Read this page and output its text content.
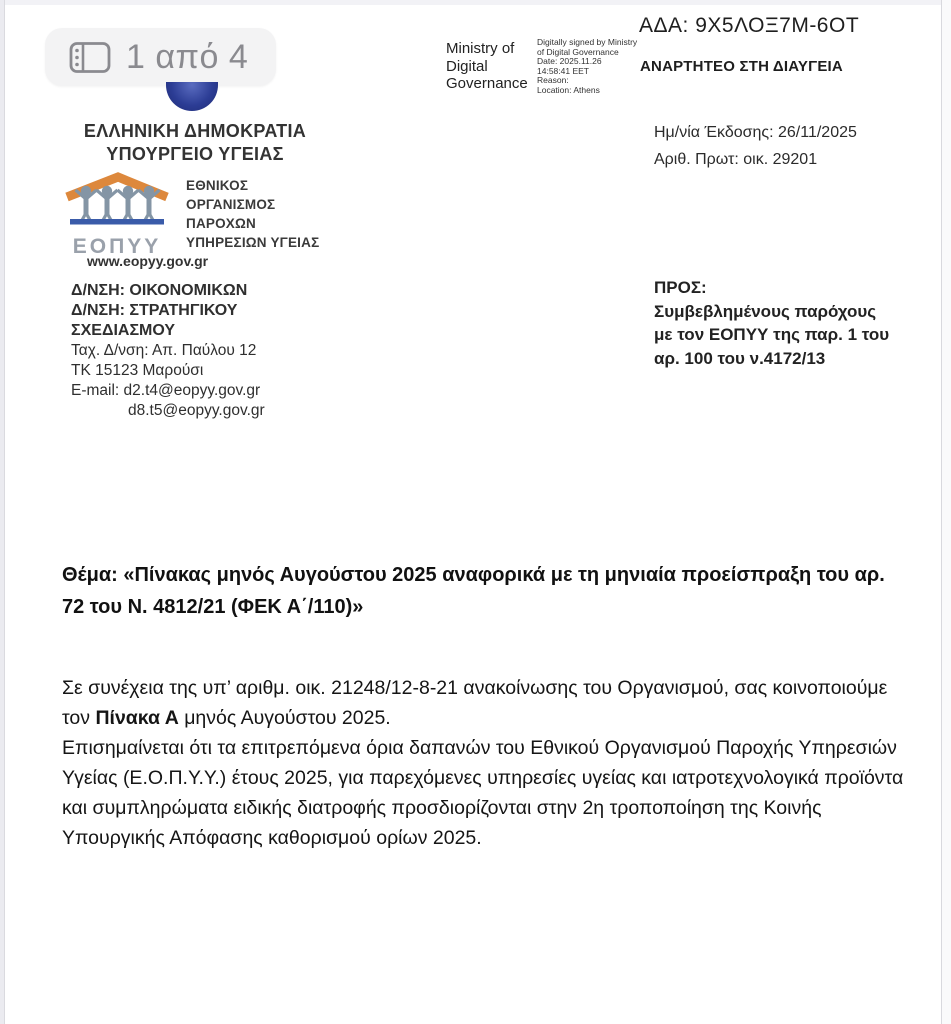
1 από 4
ΕΛΛΗΝΙΚΗ ΔΗΜΟΚΡΑΤΙΑ
ΥΠΟΥΡΓΕΙΟ ΥΓΕΙΑΣ
ΕΟΠΥΥ
ΕΘΝΙΚΟΣ
ΟΡΓΑΝΙΣΜΟΣ
ΠΑΡΟΧΩΝ
ΥΠΗΡΕΣΙΩΝ ΥΓΕΙΑΣ
www.eopyy.gov.gr
Δ/ΝΣΗ: ΟΙΚΟΝΟΜΙΚΩΝ
Δ/ΝΣΗ: ΣΤΡΑΤΗΓΙΚΟΥ
ΣΧΕΔΙΑΣΜΟΥ
Ταχ. Δ/νση: Απ. Παύλου 12
ΤΚ 15123 Μαρούσι
E-mail: d2.t4@eopyy.gov.gr
d8.t5@eopyy.gov.gr
ΑΔΑ: 9Χ5ΛΟΞ7Μ-6ΟΤ
Ministry of
Digital
Governance
Digitally signed by Ministry
of Digital Governance
Date: 2025.11.26
14:58:41 EET
Reason:
Location: Athens
ΑΝΑΡΤΗΤΕΟ ΣΤΗ ΔΙΑΥΓΕΙΑ
Ημ/νία Έκδοσης: 26/11/2025
Αριθ. Πρωτ: οικ. 29201
ΠΡΟΣ:
Συμβεβλημένους παρόχους
με τον ΕΟΠΥΥ της παρ. 1 του
αρ. 100 του ν.4172/13
Θέμα: «Πίνακας μηνός Αυγούστου 2025 αναφορικά με τη μηνιαία προείσπραξη του αρ. 72 του Ν. 4812/21 (ΦΕΚ Α΄/110)»
Σε συνέχεια της υπ’ αριθμ. οικ. 21248/12-8-21 ανακοίνωσης του Οργανισμού, σας κοινοποιούμε τον Πίνακα Α μηνός Αυγούστου 2025.
Επισημαίνεται ότι τα επιτρεπόμενα όρια δαπανών του Εθνικού Οργανισμού Παροχής Υπηρεσιών Υγείας (Ε.Ο.Π.Υ.Υ.) έτους 2025, για παρεχόμενες υπηρεσίες υγείας και ιατροτεχνολογικά προϊόντα και συμπληρώματα ειδικής διατροφής προσδιορίζονται στην 2η τροποποίηση της Κοινής Υπουργικής Απόφασης καθορισμού ορίων 2025.
